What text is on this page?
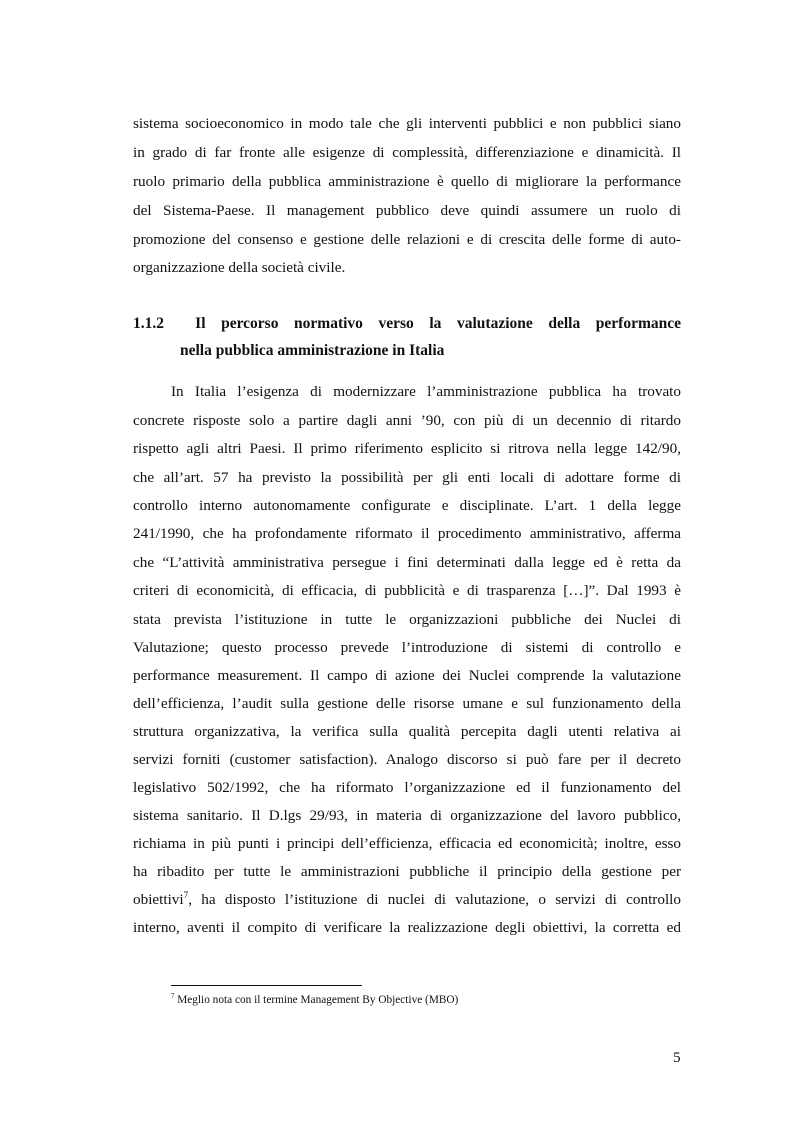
sistema socioeconomico in modo tale che gli interventi pubblici e non pubblici siano
in grado di far fronte alle esigenze di complessità, differenziazione e dinamicità. Il
ruolo primario della pubblica amministrazione è quello di migliorare la performance
del Sistema-Paese. Il management pubblico deve quindi assumere un ruolo di
promozione del consenso e gestione delle relazioni e di crescita delle forme di auto-
organizzazione della società civile.
1.1.2 Il percorso normativo verso la valutazione della performance
nella pubblica amministrazione in Italia
In Italia l’esigenza di modernizzare l’amministrazione pubblica ha trovato
concrete risposte solo a partire dagli anni ’90, con più di un decennio di ritardo
rispetto agli altri Paesi. Il primo riferimento esplicito si ritrova nella legge 142/90,
che all’art. 57 ha previsto la possibilità per gli enti locali di adottare forme di
controllo interno autonomamente configurate e disciplinate. L’art. 1 della legge
241/1990, che ha profondamente riformato il procedimento amministrativo, afferma
che “L’attività amministrativa persegue i fini determinati dalla legge ed è retta da
criteri di economicità, di efficacia, di pubblicità e di trasparenza […]”. Dal 1993 è
stata prevista l’istituzione in tutte le organizzazioni pubbliche dei Nuclei di
Valutazione; questo processo prevede l’introduzione di sistemi di controllo e
performance measurement. Il campo di azione dei Nuclei comprende la valutazione
dell’efficienza, l’audit sulla gestione delle risorse umane e sul funzionamento della
struttura organizzativa, la verifica sulla qualità percepita dagli utenti relativa ai
servizi forniti (customer satisfaction). Analogo discorso si può fare per il decreto
legislativo 502/1992, che ha riformato l’organizzazione ed il funzionamento del
sistema sanitario. Il D.lgs 29/93, in materia di organizzazione del lavoro pubblico,
richiama in più punti i principi dell’efficienza, efficacia ed economicità; inoltre, esso
ha ribadito per tutte le amministrazioni pubbliche il principio della gestione per
obiettivi$^7$, ha disposto l’istituzione di nuclei di valutazione, o servizi di controllo
interno, aventi il compito di verificare la realizzazione degli obiettivi, la corretta ed
$^7$ Meglio nota con il termine Management By Objective (MBO)
5
